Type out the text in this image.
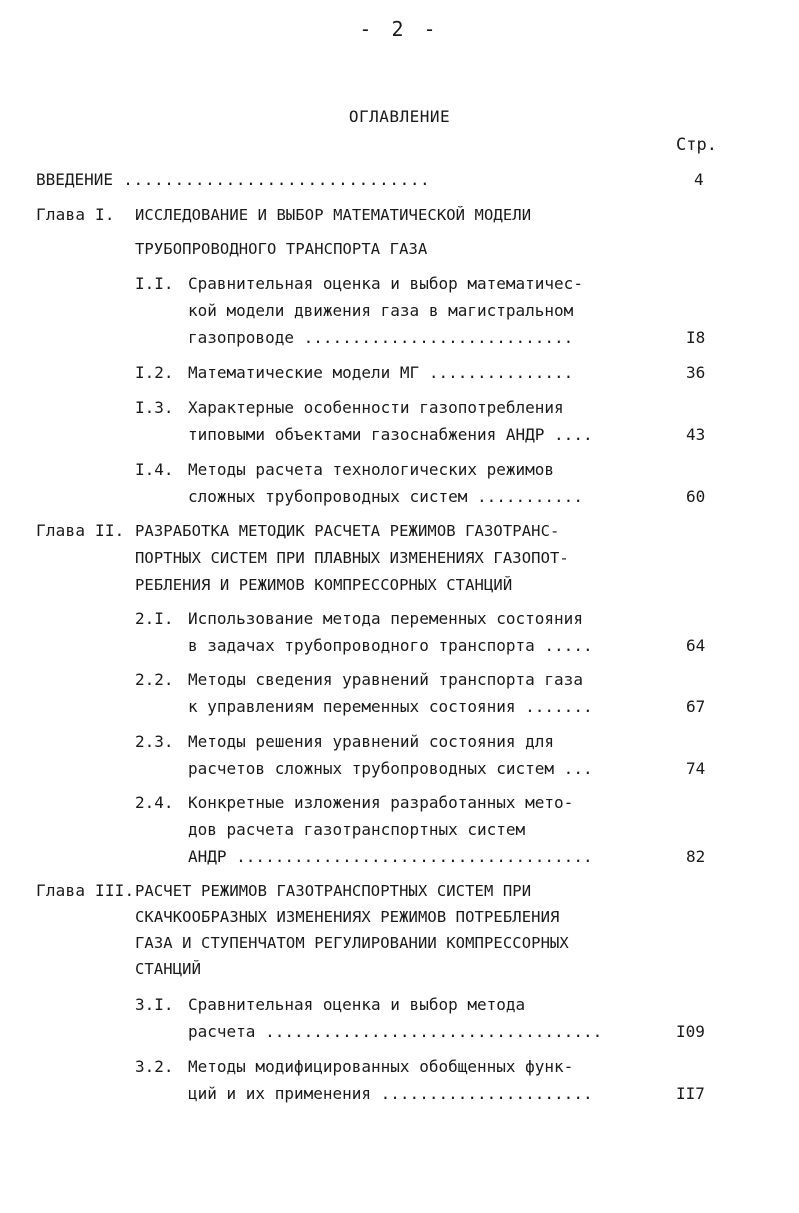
- 2 -
ОГЛАВЛЕНИЕ
Стр.
ВВЕДЕНИЕ ..............................	4
Глава I. ИССЛЕДОВАНИЕ И ВЫБОР МАТЕМАТИЧЕСКОЙ МОДЕЛИ
ТРУБОПРОВОДНОГО ТРАНСПОРТА ГАЗА
I.I. Сравнительная оценка и выбор математичес-
кой модели движения газа в магистральном
газопроводе ............................	I8
I.2. Математические модели МГ ...............	36
I.3. Характерные особенности газопотребления
типовыми объектами газоснабжения АНДР ....	43
I.4. Методы расчета технологических режимов
сложных трубопроводных систем ...........	60
Глава II. РАЗРАБОТКА МЕТОДИК РАСЧЕТА РЕЖИМОВ ГАЗОТРАНС-
ПОРТНЫХ СИСТЕМ ПРИ ПЛАВНЫХ ИЗМЕНЕНИЯХ ГАЗОПОТ-
РЕБЛЕНИЯ И РЕЖИМОВ КОМПРЕССОРНЫХ СТАНЦИЙ
2.I. Использование метода переменных состояния
в задачах трубопроводного транспорта .....	64
2.2. Методы сведения уравнений транспорта газа
к управлениям переменных состояния .......	67
2.3. Методы решения уравнений состояния для
расчетов сложных трубопроводных систем ...	74
2.4. Конкретные изложения разработанных мето-
дов расчета газотранспортных систем
АНДР .....................................	82
Глава III. РАСЧЕТ РЕЖИМОВ ГАЗОТРАНСПОРТНЫХ СИСТЕМ ПРИ
СКАЧКООБРАЗНЫХ ИЗМЕНЕНИЯХ РЕЖИМОВ ПОТРЕБЛЕНИЯ
ГАЗА И СТУПЕНЧАТОМ РЕГУЛИРОВАНИИ КОМПРЕССОРНЫХ
СТАНЦИЙ
3.I. Сравнительная оценка и выбор метода
расчета ...................................	I09
3.2. Методы модифицированных обобщенных функ-
ций и их применения ......................	II7
